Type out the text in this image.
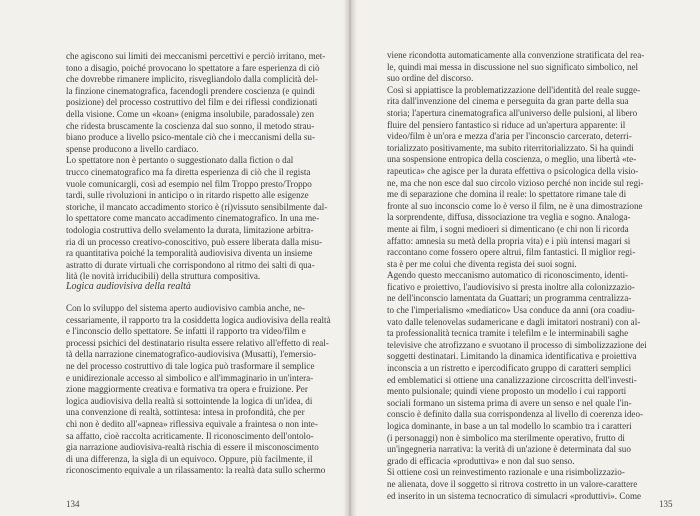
che agiscono sui limiti dei meccanismi percettivi e perciò irritano, met-
tono a disagio, poiché provocano lo spettatore a fare esperienza di ciò
che dovrebbe rimanere implicito, risvegliandolo dalla complicità del-
la finzione cinematografica, facendogli prendere coscienza (e quindi
posizione) del processo costruttivo del film e dei riflessi condizionati
della visione. Come un «koan» (enigma insolubile, paradossale) zen
che ridesta bruscamente la coscienza dal suo sonno, il metodo strau-
biano produce a livello psico-mentale ciò che i meccanismi della su-
spense producono a livello cardiaco.
Lo spettatore non è pertanto o suggestionato dalla fiction o dal
trucco cinematografico ma fa diretta esperienza di ciò che il regista
vuole comunicargli, così ad esempio nel film Troppo presto/Troppo
tardi, sulle rivoluzioni in anticipo o in ritardo rispetto alle esigenze
storiche, il mancato accadimento storico è (ri)vissuto sensibilmente dal-
lo spettatore come mancato accadimento cinematografico. In una me-
todologia costruttiva dello svelamento la durata, limitazione arbitra-
ria di un processo creativo-conoscitivo, può essere liberata dalla misu-
ra quantitativa poiché la temporalità audiovisiva diventa un insieme
astratto di durate virtuali che corrispondono al ritmo dei salti di qua-
lità (le novità irriducibili) della struttura compositiva.
Logica audiovisiva della realtà
Con lo sviluppo del sistema aperto audiovisivo cambia anche, ne-
cessariamente, il rapporto tra la cosiddetta logica audiovisiva della realtà
e l'inconscio dello spettatore. Se infatti il rapporto tra video/film e
processi psichici del destinatario risulta essere relativo all'effetto di real-
tà della narrazione cinematografico-audiovisiva (Musatti), l'emersio-
ne del processo costruttivo di tale logica può trasformare il semplice
e unidirezionale accesso al simbolico e all'immaginario in un'intera-
zione maggiormente creativa e formativa tra opera e fruizione. Per
logica audiovisiva della realtà si sottointende la logica di un'idea, di
una convenzione di realtà, sottintesa: intesa in profondità, che per
chi non è dedito all'«apnea» riflessiva equivale a fraintesa o non inte-
sa affatto, cioè raccolta acriticamente. Il riconoscimento dell'ontolo-
gia narrazione audiovisiva-realtà rischia di essere il misconoscimento
di una differenza, la sigla di un equivoco. Oppure, più facilmente, il
riconoscimento equivale a un rilassamento: la realtà data sullo schermo
134
viene ricondotta automaticamente alla convenzione stratificata del rea-
le, quindi mai messa in discussione nel suo significato simbolico, nel
suo ordine del discorso.
Così si appiattisce la problematizzazione dell'identità del reale sugge-
rita dall'invenzione del cinema e perseguita da gran parte della sua
storia; l'apertura cinematografica all'universo delle pulsioni, al libero
fluire del pensiero fantastico si riduce ad un'apertura apparente: il
video/film è un'ora e mezza d'aria per l'inconscio carcerato, deterri-
torializzato positivamente, ma subito riterritorializzato. Si ha quindi
una sospensione entropica della coscienza, o meglio, una libertà «te-
rapeutica» che agisce per la durata effettiva o psicologica della visio-
ne, ma che non esce dal suo circolo vizioso perché non incide sul regi-
me di separazione che domina il reale: lo spettatore rimane tale di
fronte al suo inconscio come lo è verso il film, ne è una dimostrazione
la sorprendente, diffusa, dissociazione tra veglia e sogno. Analoga-
mente ai film, i sogni medioeri si dimenticano (e chi non li ricorda
affatto: amnesia su metà della propria vita) e i più intensi magari si
raccontano come fossero opere altrui, film fantastici. Il miglior regi-
sta è per me colui che diventa regista dei suoi sogni.
Agendo questo meccanismo automatico di riconoscimento, identi-
ficativo e proiettivo, l'audiovisivo si presta inoltre alla colonizzazio-
ne dell'inconscio lamentata da Guattari; un programma centralizza-
to che l'imperialismo «mediatico» Usa conduce da anni (ora coadiu-
vato dalle telenovelas sudamericane e dagli imitatori nostrani) con al-
ta professionalità tecnica tramite i telefilm e le interminabili saghe
televisive che atrofizzano e svuotano il processo di simbolizzazione dei
soggetti destinatari. Limitando la dinamica identificativa e proiettiva
inconscia a un ristretto e ipercodificato gruppo di caratteri semplici
ed emblematici si ottiene una canalizzazione circoscritta dell'investi-
mento pulsionale; quindi viene proposto un modello i cui rapporti
sociali formano un sistema prima di avere un senso e nel quale l'in-
conscio è definito dalla sua corrispondenza al livello di coerenza ideo-
logica dominante, in base a un tal modello lo scambio tra i caratteri
(i personaggi) non è simbolico ma sterilmente operativo, frutto di
un'ingegneria narrativa: la verità di un'azione è determinata dal suo
grado di efficacia «produttiva» e non dal suo senso.
Si ottiene così un reinvestimento razionale e una risimbolizzazio-
ne alienata, dove il soggetto si ritrova costretto in un valore-carattere
ed inserito in un sistema tecnocratico di simulacri «produttivi». Come
135
